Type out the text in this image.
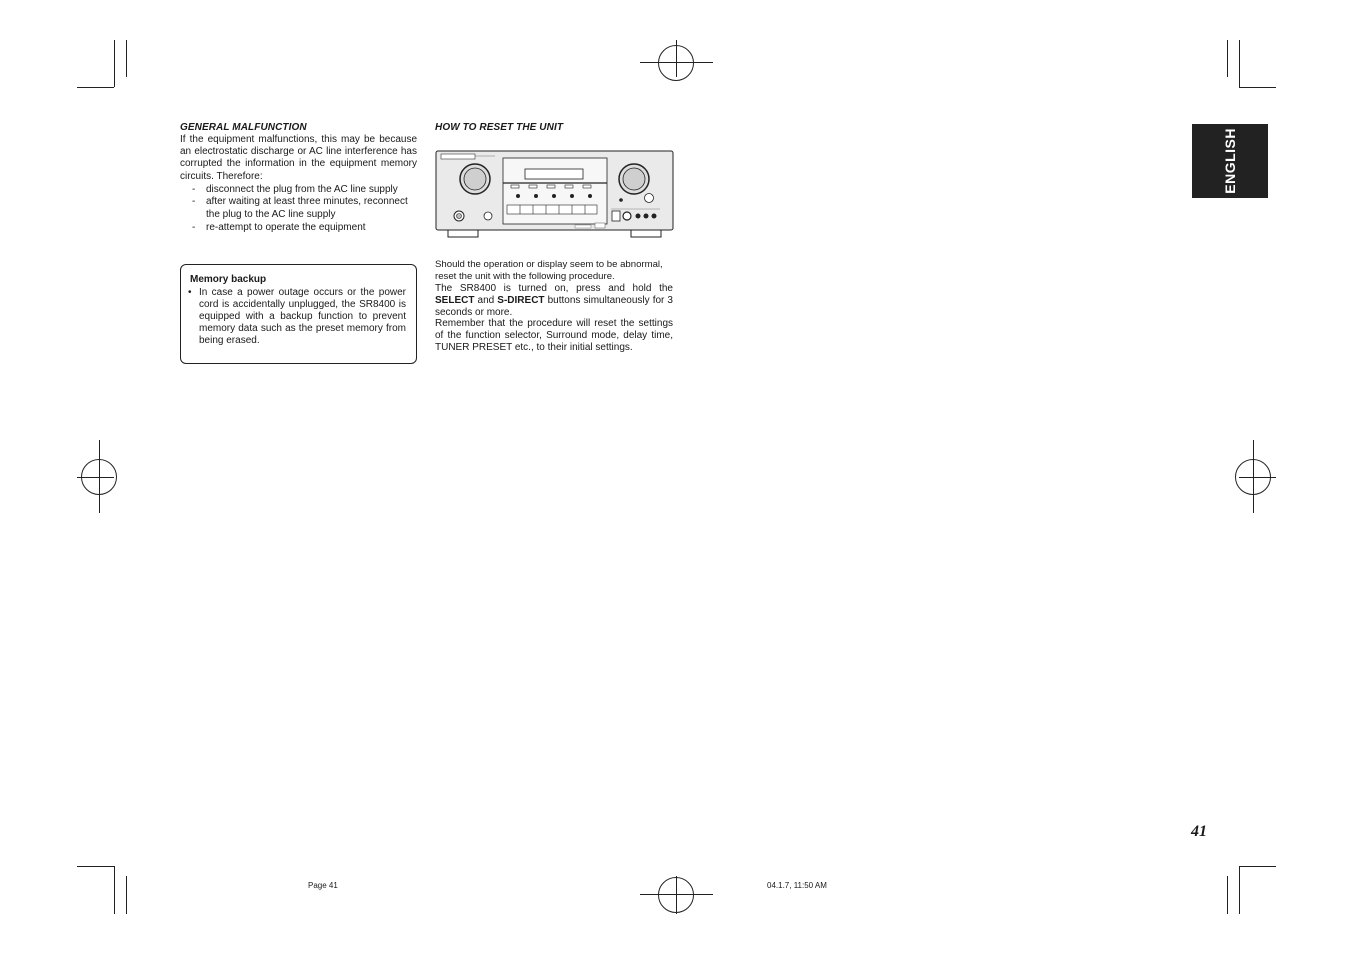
ENGLISH
GENERAL MALFUNCTION
If the equipment malfunctions, this may be because an electrostatic discharge or AC line interference has corrupted the information in the equipment memory circuits. Therefore:
- disconnect the plug from the AC line supply
- after waiting at least three minutes, reconnect the plug to the AC line supply
- re-attempt to operate the equipment
Memory backup
• In case a power outage occurs or the power cord is accidentally unplugged, the SR8400 is equipped with a backup function to prevent memory data such as the preset memory from being erased.
HOW TO RESET THE UNIT
Should the operation or display seem to be abnormal, reset the unit with the following procedure.
The SR8400 is turned on, press and hold the SELECT and S-DIRECT buttons simultaneously for 3 seconds or more.
Remember that the procedure will reset the settings of the function selector, Surround mode, delay time, TUNER PRESET etc., to their initial settings.
41
Page 41	04.1.7, 11:50 AM
